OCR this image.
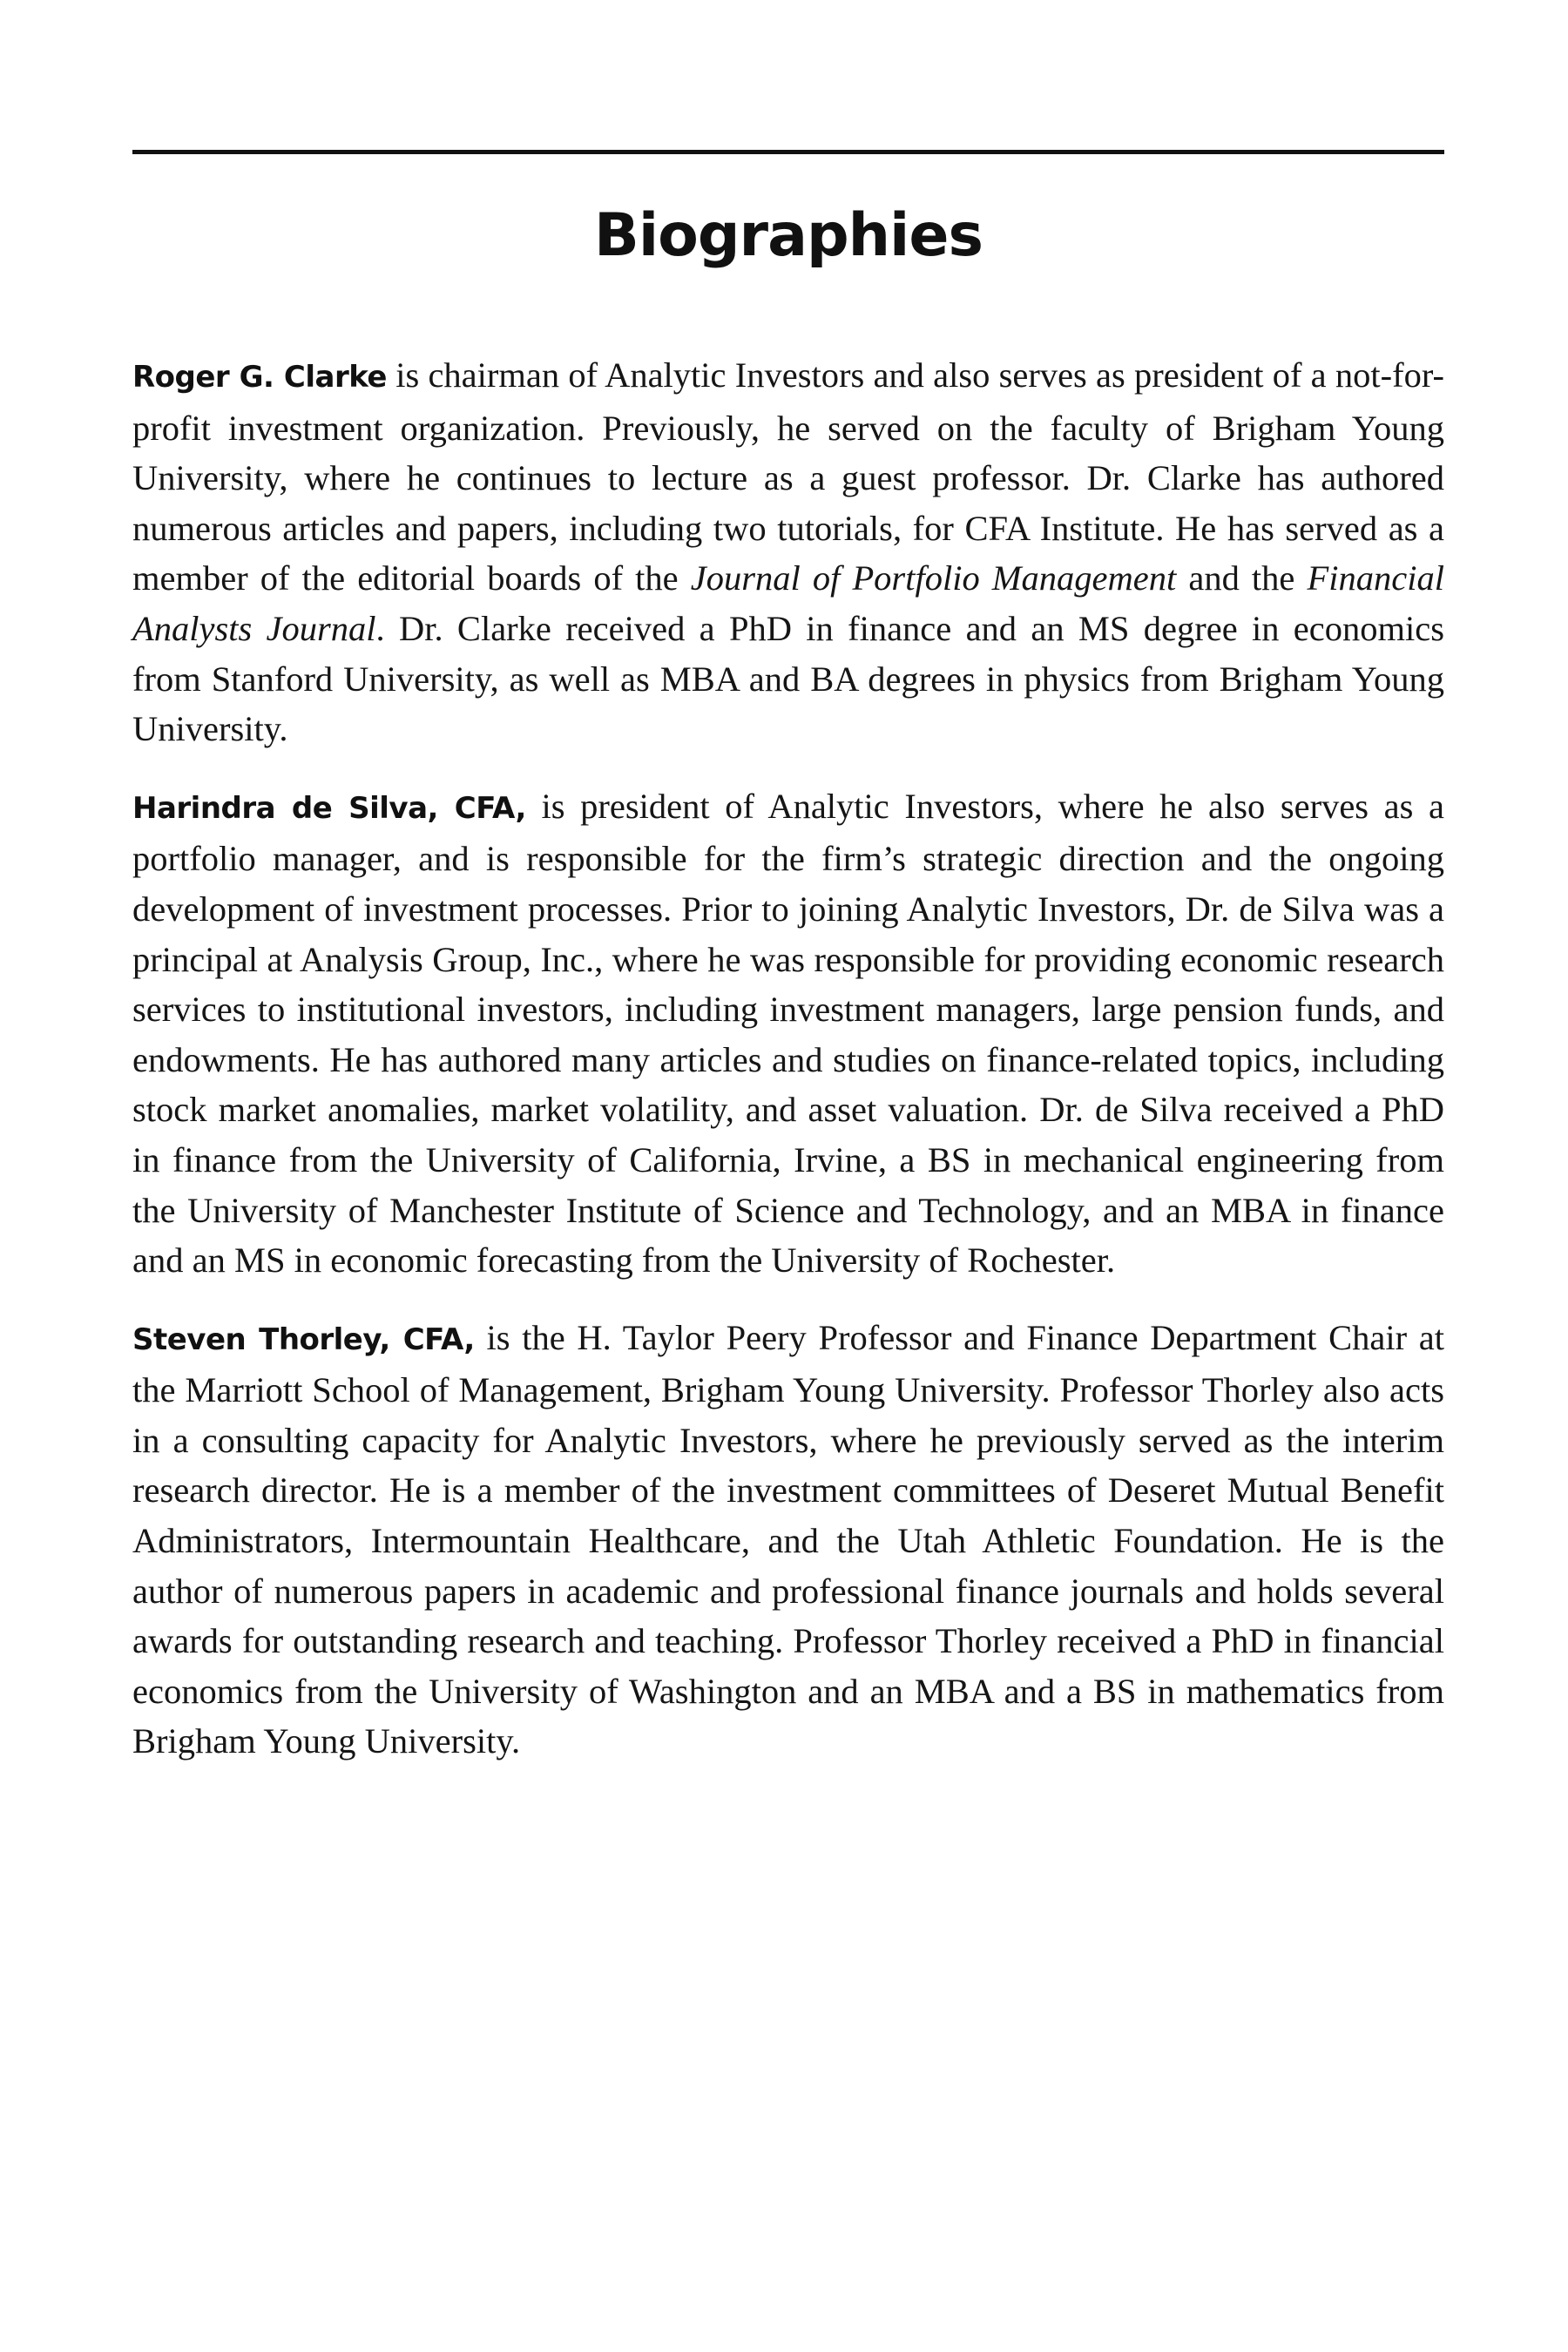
Biographies

Roger G. Clarke is chairman of Analytic Investors and also serves as president of a not-for-profit investment organization. Previously, he served on the faculty of Brigham Young University, where he continues to lecture as a guest professor. Dr. Clarke has authored numerous articles and papers, including two tutorials, for CFA Institute. He has served as a member of the editorial boards of the Journal of Portfolio Management and the Financial Analysts Journal. Dr. Clarke received a PhD in finance and an MS degree in economics from Stanford University, as well as MBA and BA degrees in physics from Brigham Young University.

Harindra de Silva, CFA, is president of Analytic Investors, where he also serves as a portfolio manager, and is responsible for the firm’s strategic direction and the ongoing development of investment processes. Prior to joining Analytic Investors, Dr. de Silva was a principal at Analysis Group, Inc., where he was responsible for providing economic research services to institutional investors, including investment managers, large pension funds, and endowments. He has authored many articles and studies on finance-related topics, including stock market anomalies, market volatility, and asset valuation. Dr. de Silva received a PhD in finance from the University of California, Irvine, a BS in mechanical engineering from the University of Manchester Institute of Science and Technology, and an MBA in finance and an MS in economic forecasting from the University of Rochester.

Steven Thorley, CFA, is the H. Taylor Peery Professor and Finance Department Chair at the Marriott School of Management, Brigham Young University. Professor Thorley also acts in a consulting capacity for Analytic Investors, where he previously served as the interim research director. He is a member of the investment committees of Deseret Mutual Benefit Administrators, Intermountain Healthcare, and the Utah Athletic Foundation. He is the author of numerous papers in academic and professional finance journals and holds several awards for outstanding research and teaching. Professor Thorley received a PhD in financial economics from the University of Washington and an MBA and a BS in mathematics from Brigham Young University.
